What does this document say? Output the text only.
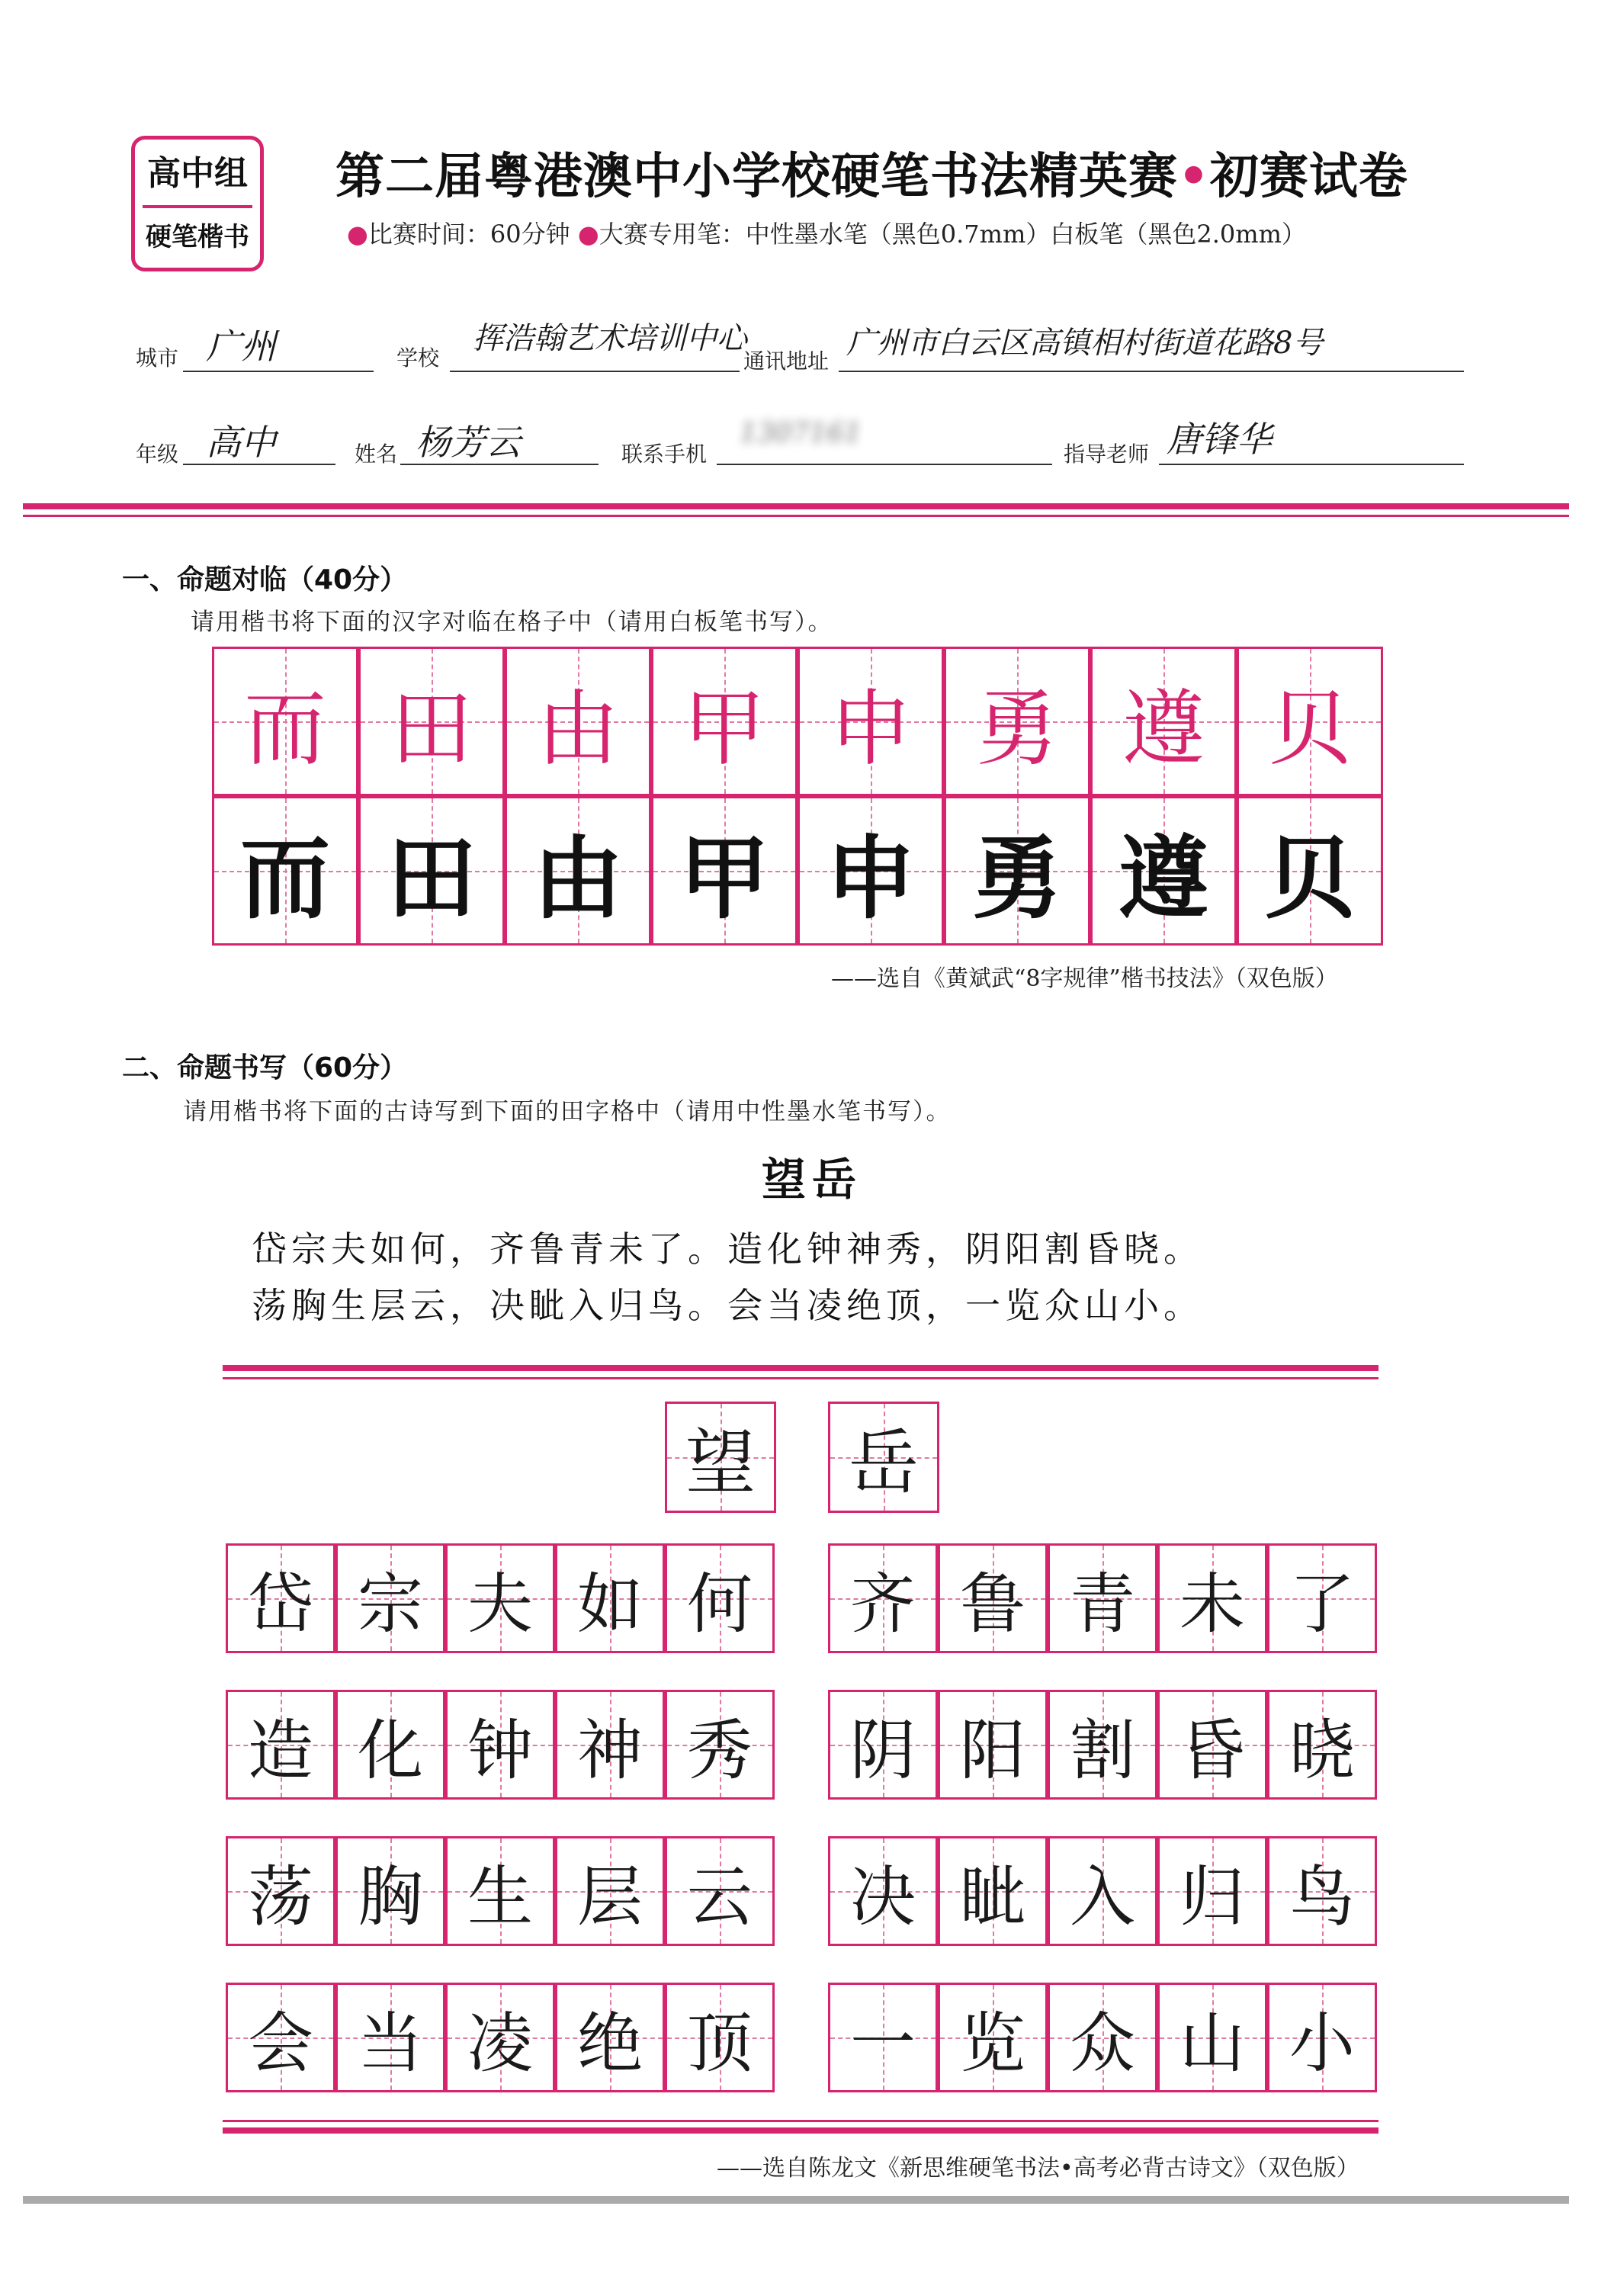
高中组
硬笔楷书
第二届粤港澳中小学校硬笔书法精英赛•初赛试卷
●比赛时间：60分钟 ●大赛专用笔：中性墨水笔（黑色0.7mm）白板笔（黑色2.0mm）
城市 广州	学校
挥浩翰艺术培训中心
通讯地址
广州市白云区高镇相村街道花路8号
年级 高中	姓名 杨芳云	联系手机
1307161
指导老师 唐锋华
一、命题对临（40分）
请用楷书将下面的汉字对临在格子中（请用白板笔书写）。
而 田 由 甲 申 勇 遵 贝
而 田 由 甲 申 勇 遵 贝
——选自《黄斌武“8字规律”楷书技法》（双色版）
二、命题书写（60分）
请用楷书将下面的古诗写到下面的田字格中（请用中性墨水笔书写）。
望岳
岱宗夫如何，齐鲁青未了。造化钟神秀，阴阳割昏晓。
荡胸生层云，决眦入归鸟。会当凌绝顶，一览众山小。
望 岳
岱 宗 夫 如 何	齐 鲁 青 未 了
造 化 钟 神 秀	阴 阳 割 昏 晓
荡 胸 生 层 云	决 眦 入 归 鸟
会 当 凌 绝 顶	一 览 众 山 小
——选自陈龙文《新思维硬笔书法•高考必背古诗文》（双色版）
